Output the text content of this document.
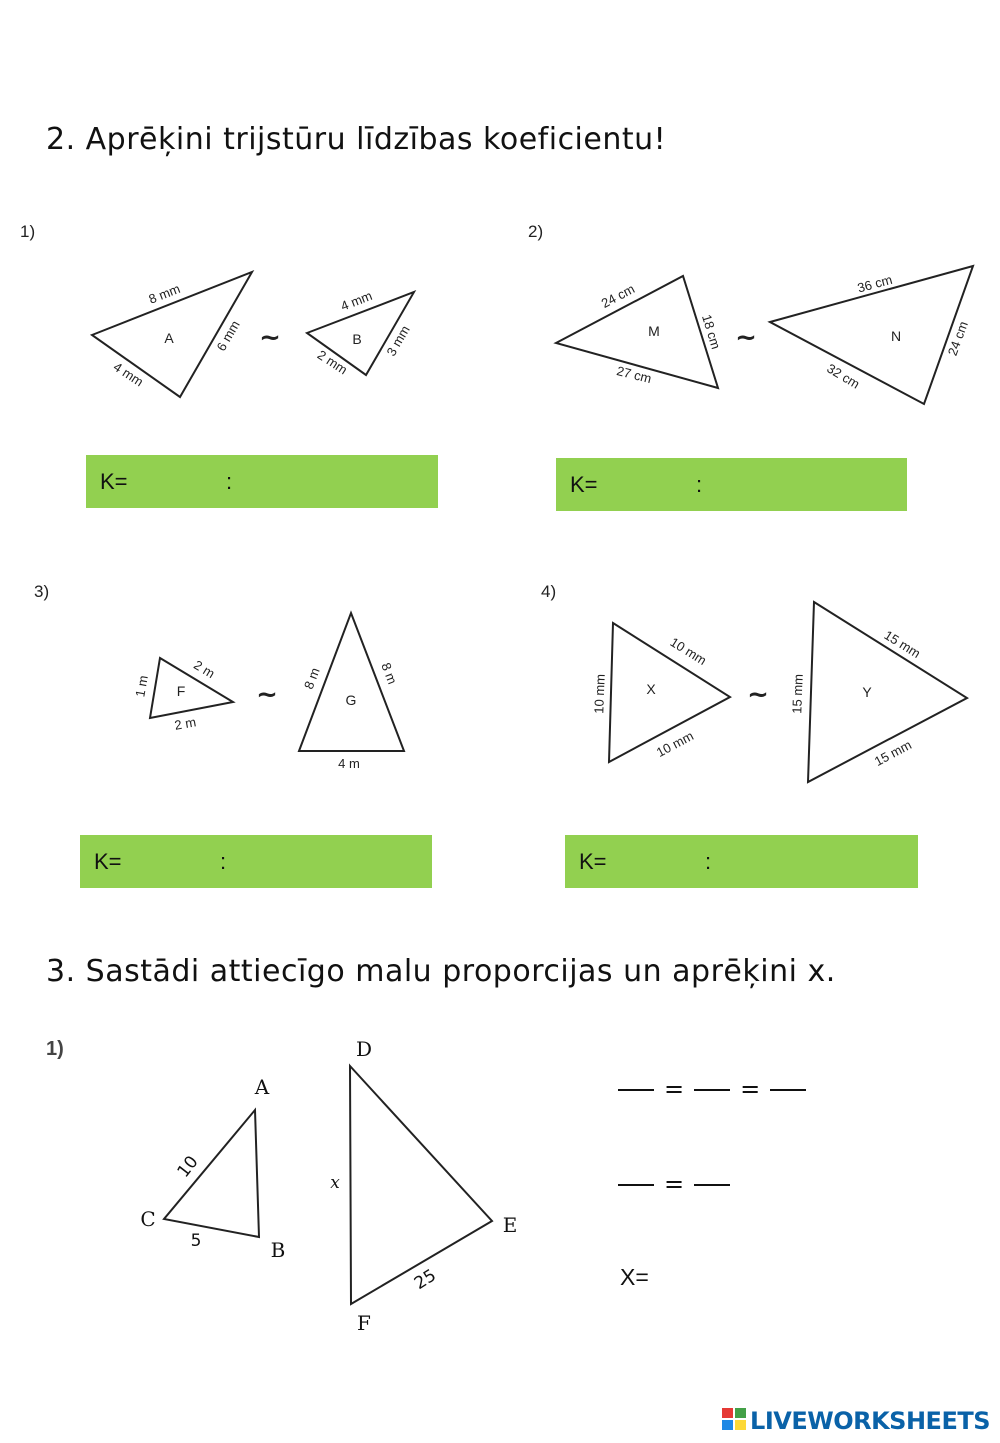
2. Aprēķini trijstūru līdzības koeficientu!
1)	2)
3)	4)
8 mm
6 mm
4 mm
A	~
4 mm
3 mm
2 mm
B
24 cm
18 cm
27 cm
M	~
36 cm
24 cm
32 cm
N
2 m
1 m
2 m
F	~
8 m	8 m
4 m
G
10 mm
10 mm
10 mm
X	~
15 mm
15 mm
15 mm
Y
A
B
C
10
5
D
E
F
x
25
K=	:	K=	:
K=	:	K=	:
3. Sastādi attiecīgo malu proporcijas un aprēķini x.
1)
= =
=
X=
LIVEWORKSHEETS
